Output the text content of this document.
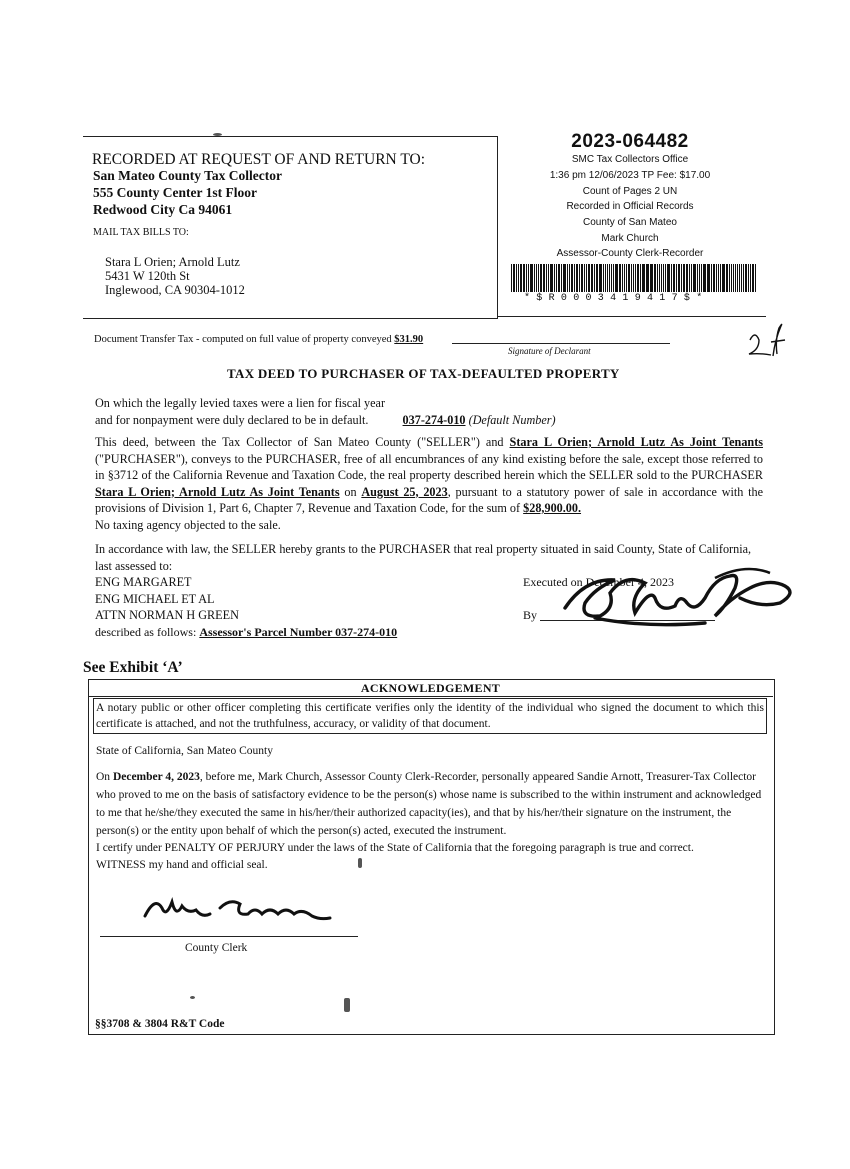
RECORDED AT REQUEST OF AND RETURN TO:
San Mateo County Tax Collector
555 County Center 1st Floor
Redwood City Ca 94061
MAIL TAX BILLS TO:
Stara L Orien; Arnold Lutz
5431 W 120th St
Inglewood, CA 90304-1012
2023-064482
SMC Tax Collectors Office
1:36 pm 12/06/2023 TP Fee: $17.00
Count of Pages 2 UN
Recorded in Official Records
County of San Mateo
Mark Church
Assessor-County Clerk-Recorder
*$R0003419417$*
Document Transfer Tax - computed on full value of property conveyed $31.90
Signature of Declarant
TAX DEED TO PURCHASER OF TAX-DEFAULTED PROPERTY
On which the legally levied taxes were a lien for fiscal year
and for nonpayment were duly declared to be in default.	037-274-010 (Default Number)
This deed, between the Tax Collector of San Mateo County ("SELLER") and Stara L Orien; Arnold Lutz As Joint Tenants ("PURCHASER"), conveys to the PURCHASER, free of all encumbrances of any kind existing before the sale, except those referred to in §3712 of the California Revenue and Taxation Code, the real property described herein which the SELLER sold to the PURCHASER Stara L Orien; Arnold Lutz As Joint Tenants on August 25, 2023, pursuant to a statutory power of sale in accordance with the provisions of Division 1, Part 6, Chapter 7, Revenue and Taxation Code, for the sum of $28,900.00.
No taxing agency objected to the sale.
In accordance with law, the SELLER hereby grants to the PURCHASER that real property situated in said County, State of California, last assessed to:
ENG MARGARET
ENG MICHAEL ET AL
ATTN NORMAN H GREEN
described as follows: Assessor's Parcel Number 037-274-010
Executed on December 4, 2023
By
See Exhibit ‘A’
ACKNOWLEDGEMENT
A notary public or other officer completing this certificate verifies only the identity of the individual who signed the document to which this certificate is attached, and not the truthfulness, accuracy, or validity of that document.
State of California, San Mateo County
On December 4, 2023, before me, Mark Church, Assessor County Clerk-Recorder, personally appeared Sandie Arnott, Treasurer-Tax Collector who proved to me on the basis of satisfactory evidence to be the person(s) whose name is subscribed to the within instrument and acknowledged to me that he/she/they executed the same in his/her/their authorized capacity(ies), and that by his/her/their signature on the instrument, the person(s) or the entity upon behalf of which the person(s) acted, executed the instrument.
I certify under PENALTY OF PERJURY under the laws of the State of California that the foregoing paragraph is true and correct.
WITNESS my hand and official seal.
County Clerk
§§3708 & 3804 R&T Code
